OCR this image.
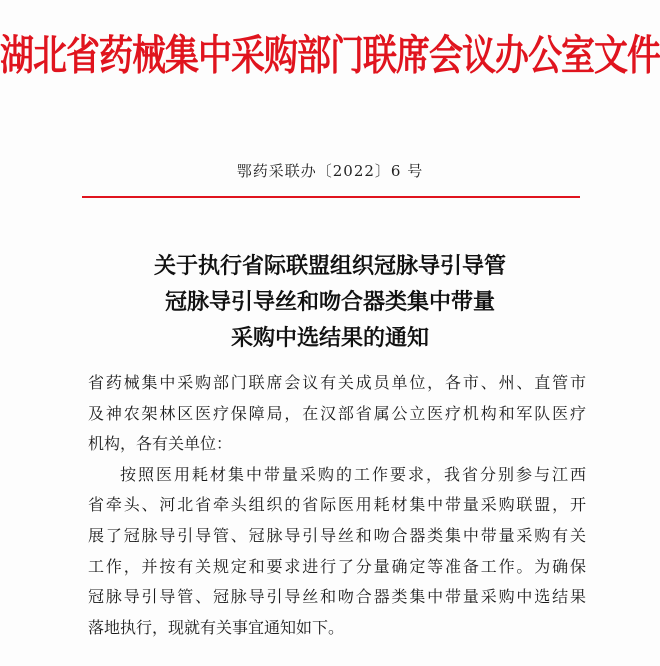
湖北省药械集中采购部门联席会议办公室文件
鄂药采联办〔2022〕6 号
关于执行省际联盟组织冠脉导引导管
冠脉导引导丝和吻合器类集中带量
采购中选结果的通知
省药械集中采购部门联席会议有关成员单位，各市、州、直管市
及神农架林区医疗保障局，在汉部省属公立医疗机构和军队医疗
机构，各有关单位：
按照医用耗材集中带量采购的工作要求，我省分别参与江西
省牵头、河北省牵头组织的省际医用耗材集中带量采购联盟，开
展了冠脉导引导管、冠脉导引导丝和吻合器类集中带量采购有关
工作，并按有关规定和要求进行了分量确定等准备工作。为确保
冠脉导引导管、冠脉导引导丝和吻合器类集中带量采购中选结果
落地执行，现就有关事宜通知如下。
